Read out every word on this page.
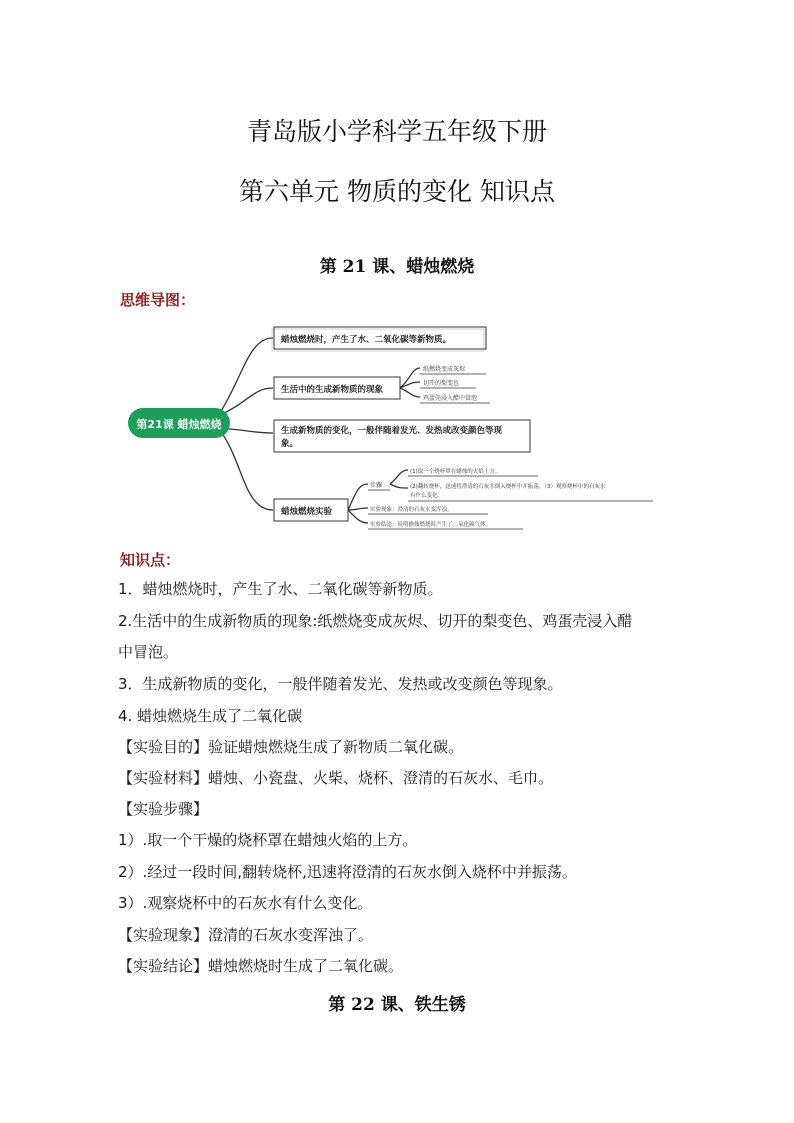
青岛版小学科学五年级下册
第六单元 物质的变化 知识点
第 21 课、蜡烛燃烧
思维导图：
第21课 蜡烛燃烧
蜡烛燃烧时，产生了水、二氧化碳等新物质。
生活中的生成新物质的现象
纸燃烧变成灰烬
切开的梨变色
鸡蛋壳浸入醋中冒泡
生成新物质的变化，一般伴随着发光、发热或改变颜色等现
象。
蜡烛燃烧实验
步骤
(1)取一个烧杯罩在蜡烛的火焰上方。
(2)翻转烧杯，迅速将澄清的石灰水倒入烧杯中并振荡。（3）观察烧杯中的石灰水
有什么变化。
实验现象：澄清的石灰水变浑浊。
实验结论：说明蜡烛燃烧时产生了二氧化碳气体。
知识点：
1．蜡烛燃烧时，产生了水、二氧化碳等新物质。
2.生活中的生成新物质的现象:纸燃烧变成灰烬、切开的梨变色、鸡蛋壳浸入醋
中冒泡。
3．生成新物质的变化，一般伴随着发光、发热或改变颜色等现象。
4. 蜡烛燃烧生成了二氧化碳
【实验目的】验证蜡烛燃烧生成了新物质二氧化碳。
【实验材料】蜡烛、小瓷盘、火柴、烧杯、澄清的石灰水、毛巾。
【实验步骤】
1）.取一个干燥的烧杯罩在蜡烛火焰的上方。
2）.经过一段时间,翻转烧杯,迅速将澄清的石灰水倒入烧杯中并振荡。
3）.观察烧杯中的石灰水有什么变化。
【实验现象】澄清的石灰水变浑浊了。
【实验结论】蜡烛燃烧时生成了二氧化碳。
第 22 课、铁生锈
